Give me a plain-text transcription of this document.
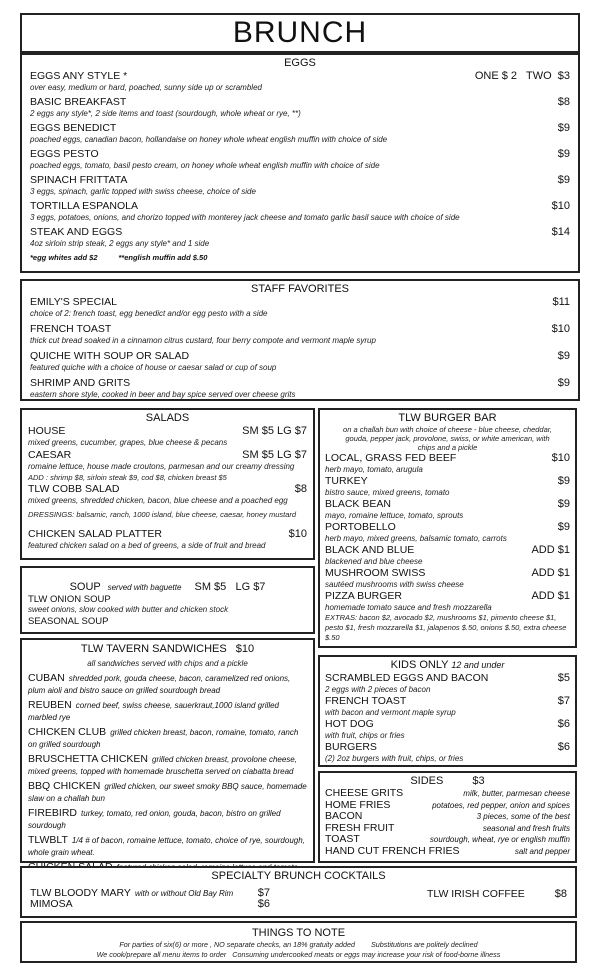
BRUNCH
EGGS
EGGS ANY STYLE *	ONE $ 2   TWO  $3
over easy, medium or hard, poached, sunny side up or scrambled
BASIC BREAKFAST	$8
2 eggs any style*, 2 side items and toast (sourdough, whole wheat or rye, **)
EGGS BENEDICT	$9
poached eggs, canadian bacon, hollandaise on honey whole wheat english muffin with choice of side
EGGS PESTO	$9
poached eggs, tomato, basil pesto cream, on honey whole wheat english muffin with choice of side
SPINACH FRITTATA	$9
3 eggs, spinach, garlic topped with swiss cheese, choice of side
TORTILLA ESPANOLA	$10
3 eggs, potatoes, onions, and chorizo topped with monterey jack cheese and tomato garlic basil sauce with choice of side
STEAK AND EGGS	$14
4oz sirloin strip steak, 2 eggs any style* and 1 side
*egg whites add $2          **english muffin add $.50
STAFF FAVORITES
EMILY'S SPECIAL	$11
choice of 2: french toast, egg benedict and/or egg pesto with a side
FRENCH TOAST	$10
thick cut bread soaked in a cinnamon citrus custard, four berry compote and vermont maple syrup
QUICHE WITH SOUP OR SALAD	$9
featured quiche with a choice of house or caesar salad or cup of soup
SHRIMP AND GRITS	$9
eastern shore style, cooked in beer and bay spice served over cheese grits
SALADS
HOUSE	SM $5 LG $7
mixed greens, cucumber, grapes, blue cheese & pecans
CAESAR	SM $5 LG $7
romaine lettuce, house made croutons, parmesan and our creamy dressing
ADD : shrimp $8, sirloin steak $9, cod $8, chicken breast $5
TLW COBB SALAD	$8
mixed greens, shredded chicken, bacon, blue cheese and a poached egg
DRESSINGS: balsamic, ranch, 1000 island, blue cheese, caesar, honey mustard
CHICKEN SALAD PLATTER	$10
featured chicken salad on a bed of greens, a side of fruit and bread
SOUP served with baguette SM $5   LG $7
TLW ONION SOUP
sweet onions, slow cooked with butter and chicken stock
SEASONAL SOUP
TLW BURGER BAR
on a challah bun with choice of cheese - blue cheese, cheddar, gouda, pepper jack, provolone, swiss, or white american, with chips and a pickle
LOCAL, GRASS FED BEEF	$10
herb mayo, tomato, arugula
TURKEY	$9
bistro sauce, mixed greens, tomato
BLACK BEAN	$9
mayo, romaine lettuce, tomato, sprouts
PORTOBELLO	$9
herb mayo, mixed greens, balsamic tomato, carrots
BLACK AND BLUE	ADD $1
blackened and blue cheese
MUSHROOM SWISS	ADD $1
sautéed mushrooms with swiss cheese
PIZZA BURGER	ADD $1
homemade tomato sauce and fresh mozzarella
EXTRAS: bacon $2, avocado $2, mushrooms $1, pimento cheese $1, pesto $1, fresh mozzarella $1, jalapenos $.50, onions $.50, extra cheese $.50
TLW TAVERN SANDWICHES $10
all sandwiches served with chips and a pickle
CUBAN shredded pork, gouda cheese, bacon, caramelized red onions, plum aioli and bistro sauce on grilled sourdough bread
REUBEN corned beef, swiss cheese, sauerkraut,1000 island grilled marbled rye
CHICKEN CLUB grilled chicken breast, bacon, romaine, tomato, ranch on grilled sourdough
BRUSCHETTA CHICKEN grilled chicken breast, provolone cheese, mixed greens, topped with homemade bruschetta served on ciabatta bread
BBQ CHICKEN grilled chicken, our sweet smoky BBQ sauce, homemade slaw on a challah bun
FIREBIRD turkey, tomato, red onion, gouda, bacon, bistro on grilled sourdough
TLWBLT 1/4 # of bacon, romaine lettuce, tomato, choice of rye, sourdough, whole grain wheat.
KIDS ONLY 12 and under
SCRAMBLED EGGS AND BACON	$5
2 eggs with 2 pieces of bacon
FRENCH TOAST	$7
with bacon and vermont maple syrup
HOT DOG	$6
with fruit, chips or fries
BURGERS	$6
(2) 2oz burgers with fruit, chips, or fries
SIDES	$3
CHEESE GRITS	milk, butter, parmesan cheese
HOME FRIES	potatoes, red pepper, onion and spices
BACON	3 pieces, some of the best
FRESH FRUIT	seasonal and fresh fruits
TOAST	sourdough, wheat, rye or english muffin
HAND CUT FRENCH FRIES	salt and pepper
SPECIALTY BRUNCH COCKTAILS
TLW BLOODY MARY with or without Old Bay Rim $7
MIMOSA	$6
TLW IRISH COFFEE	$8
THINGS TO NOTE
For parties of six(6) or more , NO separate checks, an 18% gratuity added        Substitutions are politely declined
We cook/prepare all menu items to order   Consuming undercooked meats or eggs may increase your risk of food-borne illness
